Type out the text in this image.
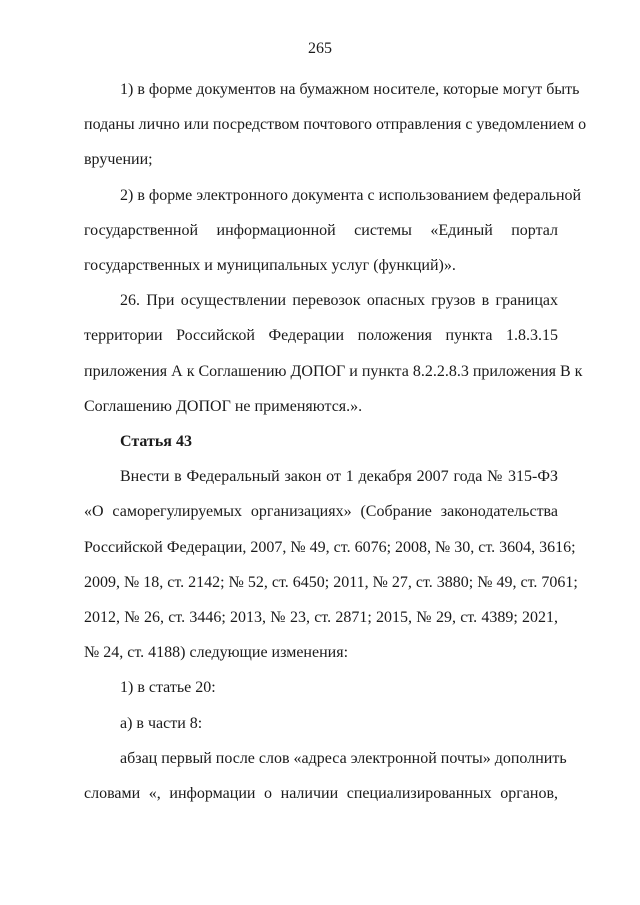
265
1) в форме документов на бумажном носителе, которые могут быть
поданы лично или посредством почтового отправления с уведомлением о
вручении;
2) в форме электронного документа с использованием федеральной
государственной информационной системы «Единый портал
государственных и муниципальных услуг (функций)».
26. При осуществлении перевозок опасных грузов в границах
территории Российской Федерации положения пункта 1.8.3.15
приложения А к Соглашению ДОПОГ и пункта 8.2.2.8.3 приложения В к
Соглашению ДОПОГ не применяются.».
Статья 43
Внести в Федеральный закон от 1 декабря 2007 года № 315-ФЗ
«О саморегулируемых организациях» (Собрание законодательства
Российской Федерации, 2007, № 49, ст. 6076; 2008, № 30, ст. 3604, 3616;
2009, № 18, ст. 2142; № 52, ст. 6450; 2011, № 27, ст. 3880; № 49, ст. 7061;
2012, № 26, ст. 3446; 2013, № 23, ст. 2871; 2015, № 29, ст. 4389; 2021,
№ 24, ст. 4188) следующие изменения:
1) в статье 20:
а) в части 8:
абзац первый после слов «адреса электронной почты» дополнить
словами «, информации о наличии специализированных органов,
